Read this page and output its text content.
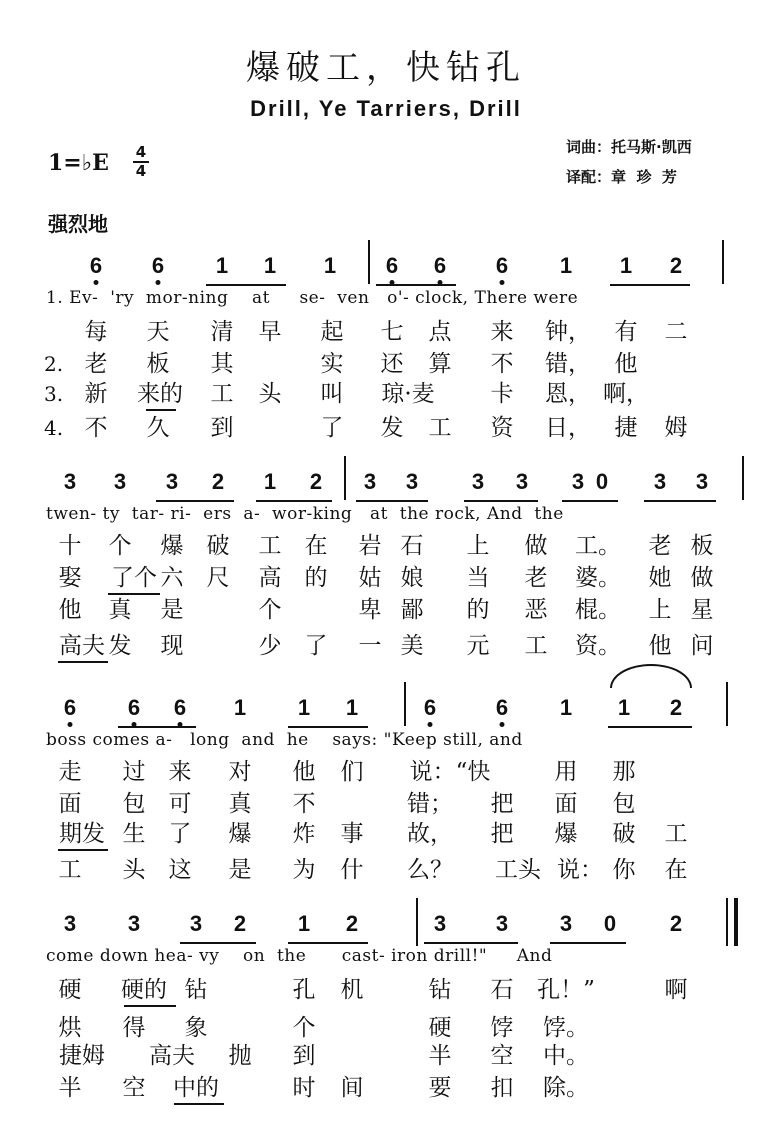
爆破工，快钻孔
Drill, Ye Tarriers, Drill
词曲：托马斯·凯西
译配：章  珍  芳
1=♭E 4
4
强烈地
6 6 1 1 1 6 6 6 1 1 2
1. Ev-  'ry  mor-ning    at     se-  ven   o'- clock, There were
每 天 清 早 起 七 点 来 钟， 有 二
2. 老 板 其	实 还 算 不 错， 他
3. 新 来的 工 头 叫 琼·麦 卡 恩， 啊，
4. 不 久 到	了 发 工 资 日， 捷 姆
3 3 3 2 1 2 3 3 3 3 3 0 3 3
twen- ty  tar- ri-  ers  a-  wor-king   at  the rock, And  the
十 个 爆 破 工 在 岩 石 上 做 工。 老 板
娶 了个 六 尺 高 的 姑 娘 当 老 婆。 她 做
他 真 是	个	卑 鄙 的 恶 棍。 上 星
高夫 发 现	少 了 一 美 元 工 资。 他 问
6 6 6 1 1 1	6	6 1 1 2
boss comes a-   long  and  he    says: "Keep still, and
走 过 来 对 他 们 说：“快	用 那
面 包 可 真 不	错； 把 面 包
期发 生 了 爆 炸 事 故， 把 爆 破 工
工 头 这 是 为 什 么？ 工头 说： 你 在
3 3 3 2 1 2	3 3 3 0 2
come down hea- vy    on  the      cast- iron drill!"     And
硬 硬的 钻	孔 机	钻 石 孔！”	啊
烘 得 象	个	硬 饽 饽。
捷姆 高夫 抛 到	半 空 中。
半 空 中的	时 间	要 扣 除。
